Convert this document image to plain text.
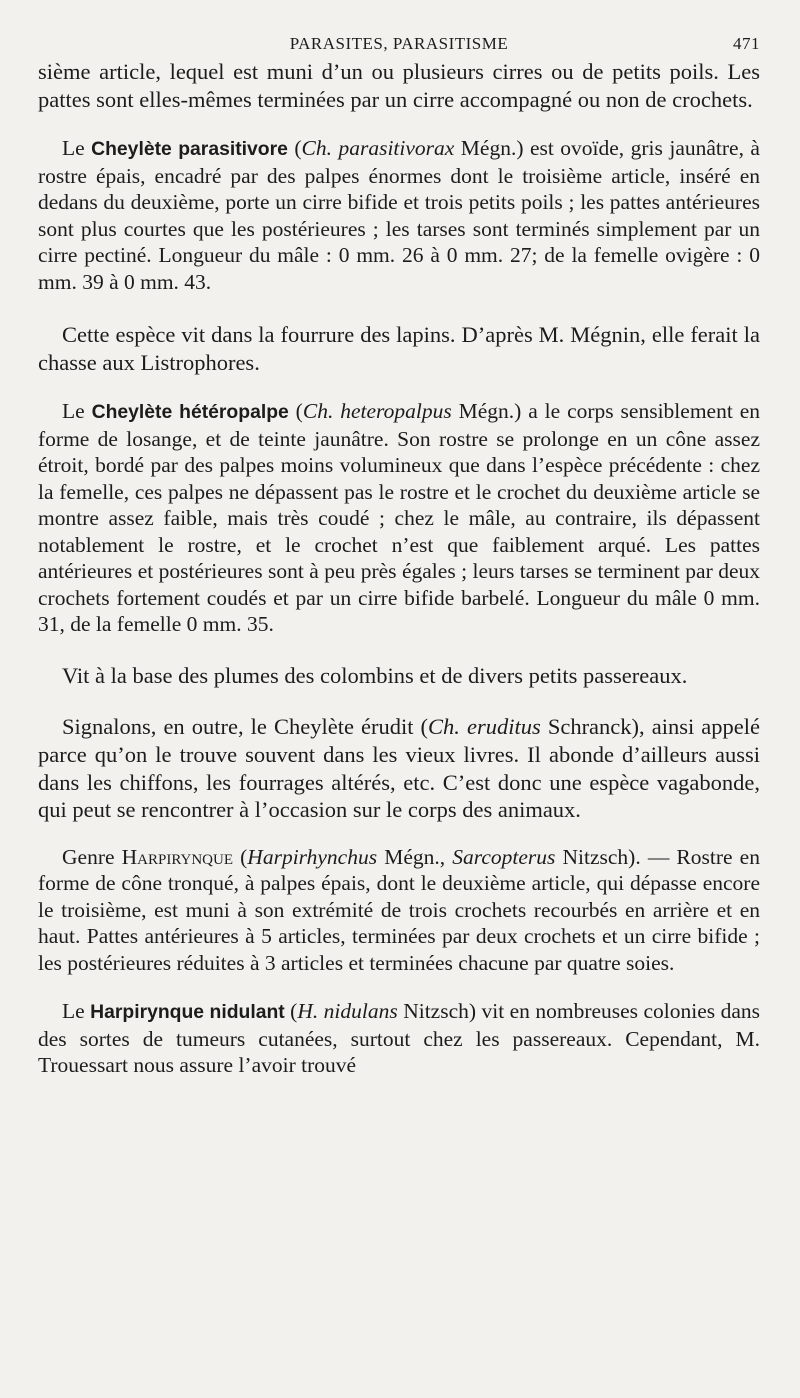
PARASITES, PARASITISME	471

sième article, lequel est muni d’un ou plusieurs cirres ou de petits poils. Les pattes sont elles-mêmes terminées par un cirre accompagné ou non de crochets.

Le Cheylète parasitivore (Ch. parasitivorax Mégn.) est ovoïde, gris jaunâtre, à rostre épais, encadré par des palpes énormes dont le troisième article, inséré en dedans du deuxième, porte un cirre bifide et trois petits poils ; les pattes antérieures sont plus courtes que les postérieures ; les tarses sont terminés simplement par un cirre pectiné. Longueur du mâle : 0 mm. 26 à 0 mm. 27; de la femelle ovigère : 0 mm. 39 à 0 mm. 43.

Cette espèce vit dans la fourrure des lapins. D’après M. Mégnin, elle ferait la chasse aux Listrophores.

Le Cheylète hétéropalpe (Ch. heteropalpus Mégn.) a le corps sensiblement en forme de losange, et de teinte jaunâtre. Son rostre se prolonge en un cône assez étroit, bordé par des palpes moins volumineux que dans l’espèce précédente : chez la femelle, ces palpes ne dépassent pas le rostre et le crochet du deuxième article se montre assez faible, mais très coudé ; chez le mâle, au contraire, ils dépassent notablement le rostre, et le crochet n’est que faiblement arqué. Les pattes antérieures et postérieures sont à peu près égales ; leurs tarses se terminent par deux crochets fortement coudés et par un cirre bifide barbelé. Longueur du mâle 0 mm. 31, de la femelle 0 mm. 35.

Vit à la base des plumes des colombins et de divers petits passereaux.

Signalons, en outre, le Cheylète érudit (Ch. eruditus Schranck), ainsi appelé parce qu’on le trouve souvent dans les vieux livres. Il abonde d’ailleurs aussi dans les chiffons, les fourrages altérés, etc. C’est donc une espèce vagabonde, qui peut se rencontrer à l’occasion sur le corps des animaux.

Genre Harpirynque (Harpirhynchus Mégn., Sarcopterus Nitzsch). — Rostre en forme de cône tronqué, à palpes épais, dont le deuxième article, qui dépasse encore le troisième, est muni à son extrémité de trois crochets recourbés en arrière et en haut. Pattes antérieures à 5 articles, terminées par deux crochets et un cirre bifide ; les postérieures réduites à 3 articles et terminées chacune par quatre soies.

Le Harpirynque nidulant (H. nidulans Nitzsch) vit en nombreuses colonies dans des sortes de tumeurs cutanées, surtout chez les passereaux. Cependant, M. Trouessart nous assure l’avoir trouvé
